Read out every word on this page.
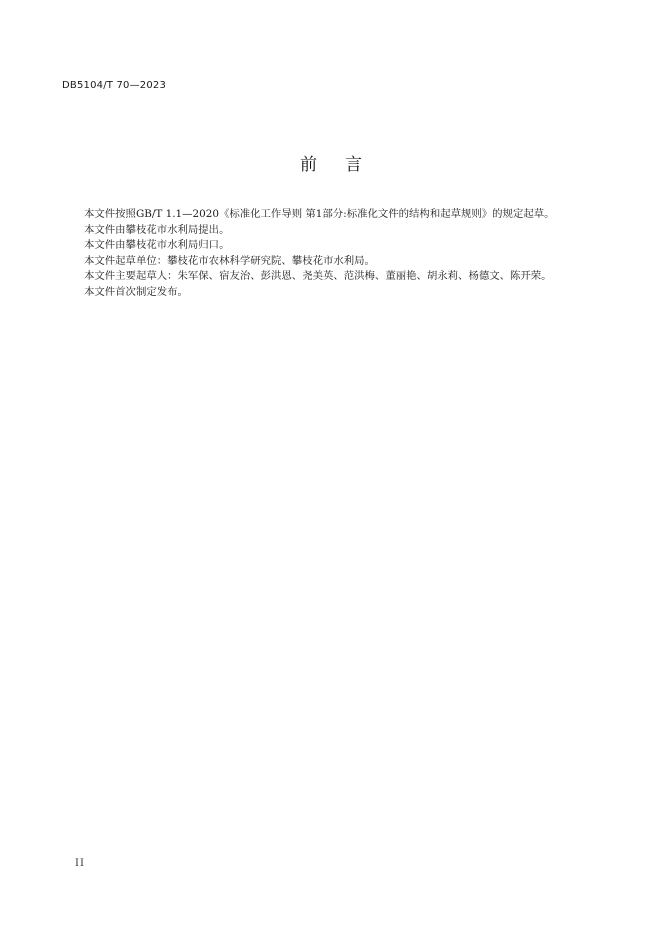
DB5104/T 70—2023
前言

本文件按照GB/T 1.1—2020《标准化工作导则 第1部分:标准化文件的结构和起草规则》的规定起草。

本文件由攀枝花市水利局提出。

本文件由攀枝花市水利局归口。

本文件起草单位：攀枝花市农林科学研究院、攀枝花市水利局。

本文件主要起草人：朱军保、宿友治、彭洪恩、尧美英、范洪梅、董丽艳、胡永莉、杨德文、陈开荣。

本文件首次制定发布。

II
